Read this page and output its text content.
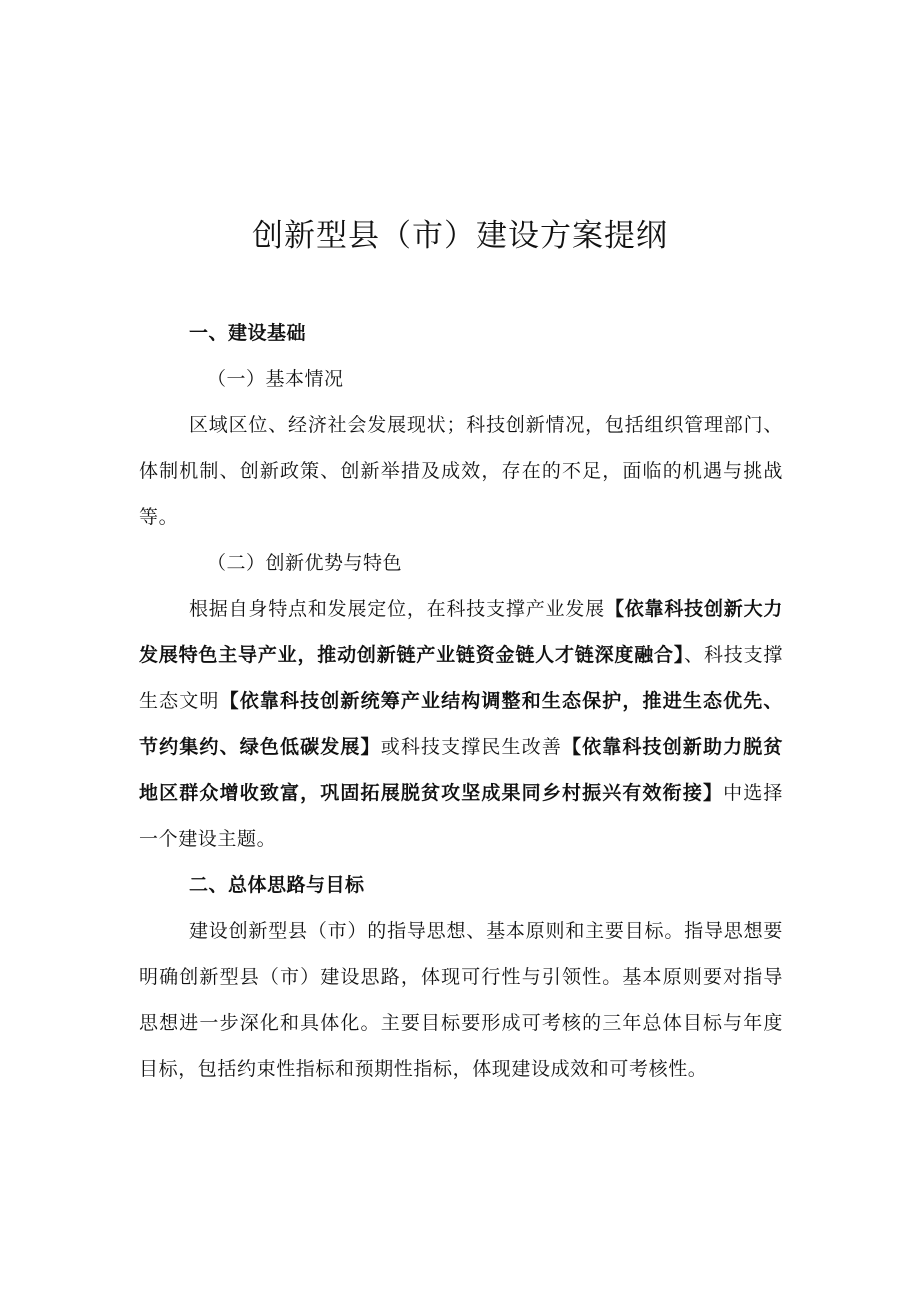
创新型县（市）建设方案提纲

一、建设基础

（一）基本情况

区域区位、经济社会发展现状；科技创新情况，包括组织管理部门、体制机制、创新政策、创新举措及成效，存在的不足，面临的机遇与挑战等。

（二）创新优势与特色

根据自身特点和发展定位，在科技支撑产业发展【依靠科技创新大力发展特色主导产业，推动创新链产业链资金链人才链深度融合】、科技支撑生态文明【依靠科技创新统筹产业结构调整和生态保护，推进生态优先、节约集约、绿色低碳发展】或科技支撑民生改善【依靠科技创新助力脱贫地区群众增收致富，巩固拓展脱贫攻坚成果同乡村振兴有效衔接】中选择一个建设主题。

二、总体思路与目标

建设创新型县（市）的指导思想、基本原则和主要目标。指导思想要明确创新型县（市）建设思路，体现可行性与引领性。基本原则要对指导思想进一步深化和具体化。主要目标要形成可考核的三年总体目标与年度目标，包括约束性指标和预期性指标，体现建设成效和可考核性。
